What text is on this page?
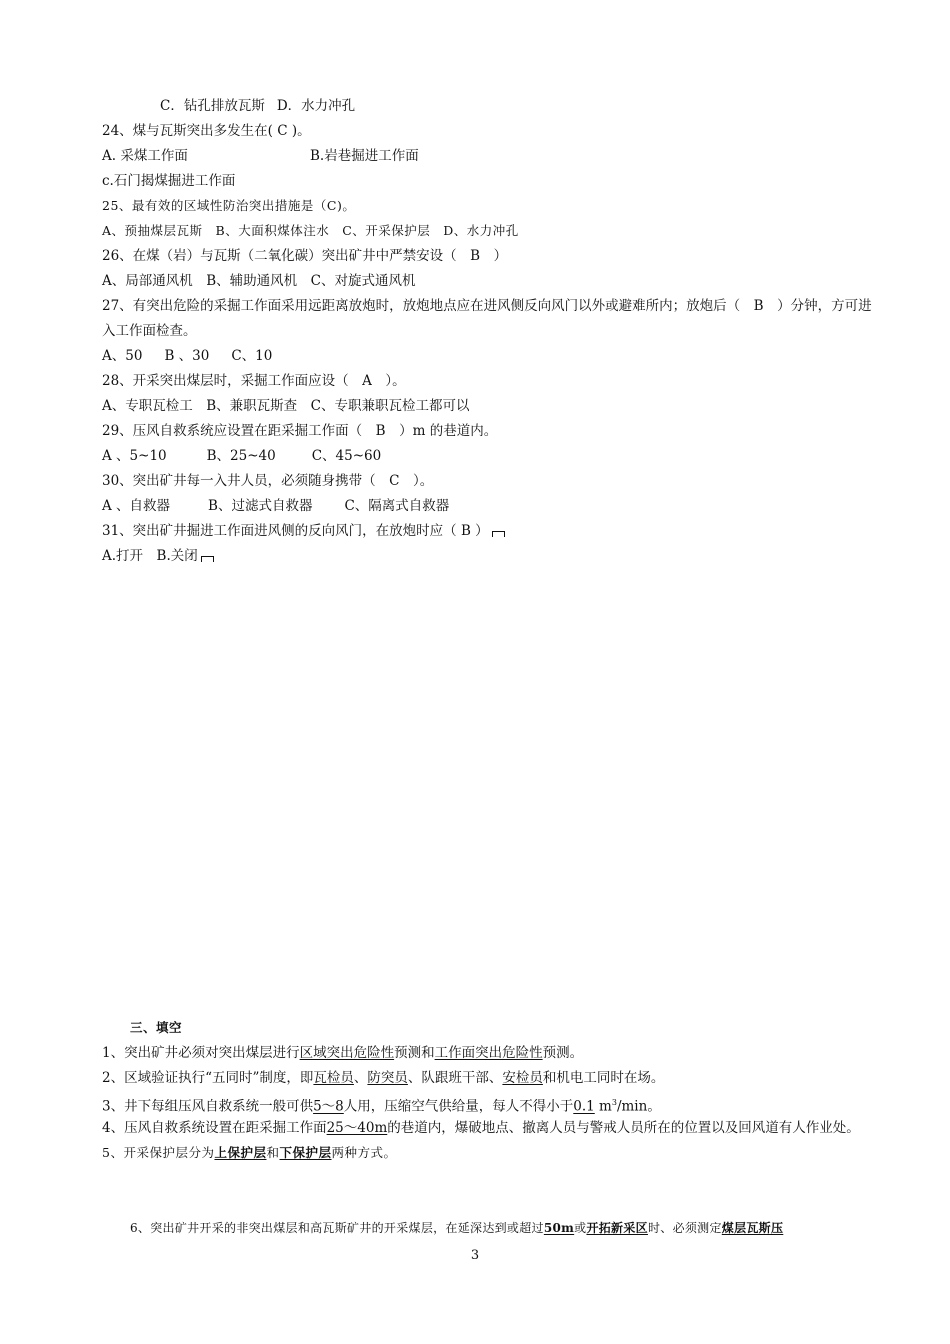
C．钻孔排放瓦斯 D．水力冲孔
24、煤与瓦斯突出多发生在( C )。
A. 采煤工作面	B.岩巷掘进工作面
c.石门揭煤掘进工作面
25、最有效的区域性防治突出措施是（C)。
A、预抽煤层瓦斯　B、大面积煤体注水　C、开采保护层　D、水力冲孔
26、在煤（岩）与瓦斯（二氧化碳）突出矿井中严禁安设（　B　）
A、局部通风机　B、辅助通风机　C、对旋式通风机
27、有突出危险的采掘工作面采用远距离放炮时，放炮地点应在进风侧反向风门以外或避难所内；放炮后（　B　）分钟，方可进
入工作面检查。
A、50 B 、30 C、10
28、开采突出煤层时，采掘工作面应设（　A　）。
A、专职瓦检工　B、兼职瓦斯查　C、专职兼职瓦检工都可以
29、压风自救系统应设置在距采掘工作面（　B　）m 的巷道内。
A 、5~10	B、25~40	C、45~60
30、突出矿井每一入井人员，必须随身携带（　C　）。
A 、自救器	B、过滤式自救器 C、隔离式自救器
31、突出矿井掘进工作面进风侧的反向风门，在放炮时应（ B ）
A.打开　B.关闭
三、填空
1、突出矿井必须对突出煤层进行区域突出危险性预测和工作面突出危险性预测。
2、区域验证执行“五同时”制度，即瓦检员、防突员、队跟班干部、安检员和机电工同时在场。
3、井下每组压风自救系统一般可供5～8人用，压缩空气供给量，每人不得小于0.1 $m^3/\min$。
4、压风自救系统设置在距采掘工作面25～40m的巷道内，爆破地点、撤离人员与警戒人员所在的位置以及回风道有人作业处。
5、开采保护层分为上保护层和下保护层两种方式。
6、突出矿井开采的非突出煤层和高瓦斯矿井的开采煤层，在延深达到或超过50m或开拓新采区时、必须测定煤层瓦斯压
3
